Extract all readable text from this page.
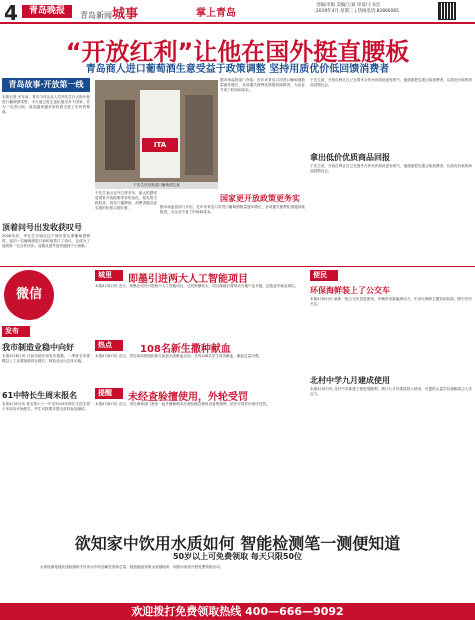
4	青岛晚报	青岛新闻城事	掌上青岛
责编/李娟 美编/王斌 审读/王书宏
2019年4月 星期三 | 热线电话:82866065
“开放红利”让他在国外挺直腰板
青岛商人进口葡萄酒生意受益于政策调整 坚持用质优价低回馈消费者
青岛故事·开放第一线
本报记者 多年前，青岛个体从业人员李先生在大街小巷进行葡萄酒零售，今天他已将生意拓展至多个国家。作为一名进口商，他说越来越多的好酒走进了市民的餐桌。
顶着问号出发收获叹号
2006年前，李先生开始在这个城市里从事葡萄酒销售，起初一位葡萄酒进口商和他签订了协议，也成为了他的第一位合作伙伴。前期从国外进货遇到不少困难。
ITA
于先生在经营进口葡萄酒生意
于先生表示在外打拼多年，最大的感受是国家开放政策带来的变化，原先的关税较高，现在门槛降低，消费者能以更实惠的价格买到好酒。
据市场监管部门介绍，近年来青岛口岸进口葡萄酒数量逐年增长，各项通关便利化措施持续推进，为企业节省了时间和成本。
国家更开放政策更务实
据市场监管部门介绍，近年来青岛口岸进口葡萄酒数量逐年增长，各项通关便利化措施持续推进，为企业节省了时间和成本。
于先生说，开放红利让自己在国外合作伙伴面前更有底气，他愿意把实惠让给消费者，以质优价低的商品回馈社会。
拿出低价优质商品回报
于先生说，开放红利让自己在国外合作伙伴面前更有底气，他愿意把实惠让给消费者，以质优价低的商品回馈社会。
微信
发布
我市制造业稳中向好
本报4月8日讯 日前市统计局发布数据，一季度全市规模以上工业增加值同比增长，制造业运行总体平稳。
61中特长生周末报名
本报4月8日讯 青岛第六十一中学2019年特长生招生将于本周末开始报名，考生可按要求提交材料参加测试。
城里	即墨引进两大人工智能项目
本报4月8日讯 近日，即墨区成功引进两个人工智能项目，总投资额较大，项目落地后将带动当地产业升级，创造更多就业岗位。
热点	108名新生撒种献血
本报4月8日讯 近日，青岛某高校组织新生参加无偿献血活动，共有108名学生成功献血，献血总量可观。
提醒	未经查验擅使用，外轮受罚
本报4月8日讯 近日，青岛海事部门查处一起外籍船舶未经查验擅自使用设备的案例，依法对其作出相应处罚。
便民
环保海鲜装上了公交车
本报4月8日讯 最新一批公交车投放使用，车辆采用新能源动力，车身以海鲜主题彩绘装饰，吸引市民关注。
北村中学九月建成使用
本报4月8日讯 北村中学新建工程进展顺利，预计九月份建成投入使用，可提供大量学位缓解周边入学压力。
欲知家中饮用水质如何 智能检测笔一测便知道
50岁以上可免费领取 每天只限50位
水质检测笔能快速检测家中饮用水中的溶解性固体总量，数值越低说明水质越纯净，现面向读者开展免费领取活动。
欢迎拨打免费领取热线 400—666—9092
